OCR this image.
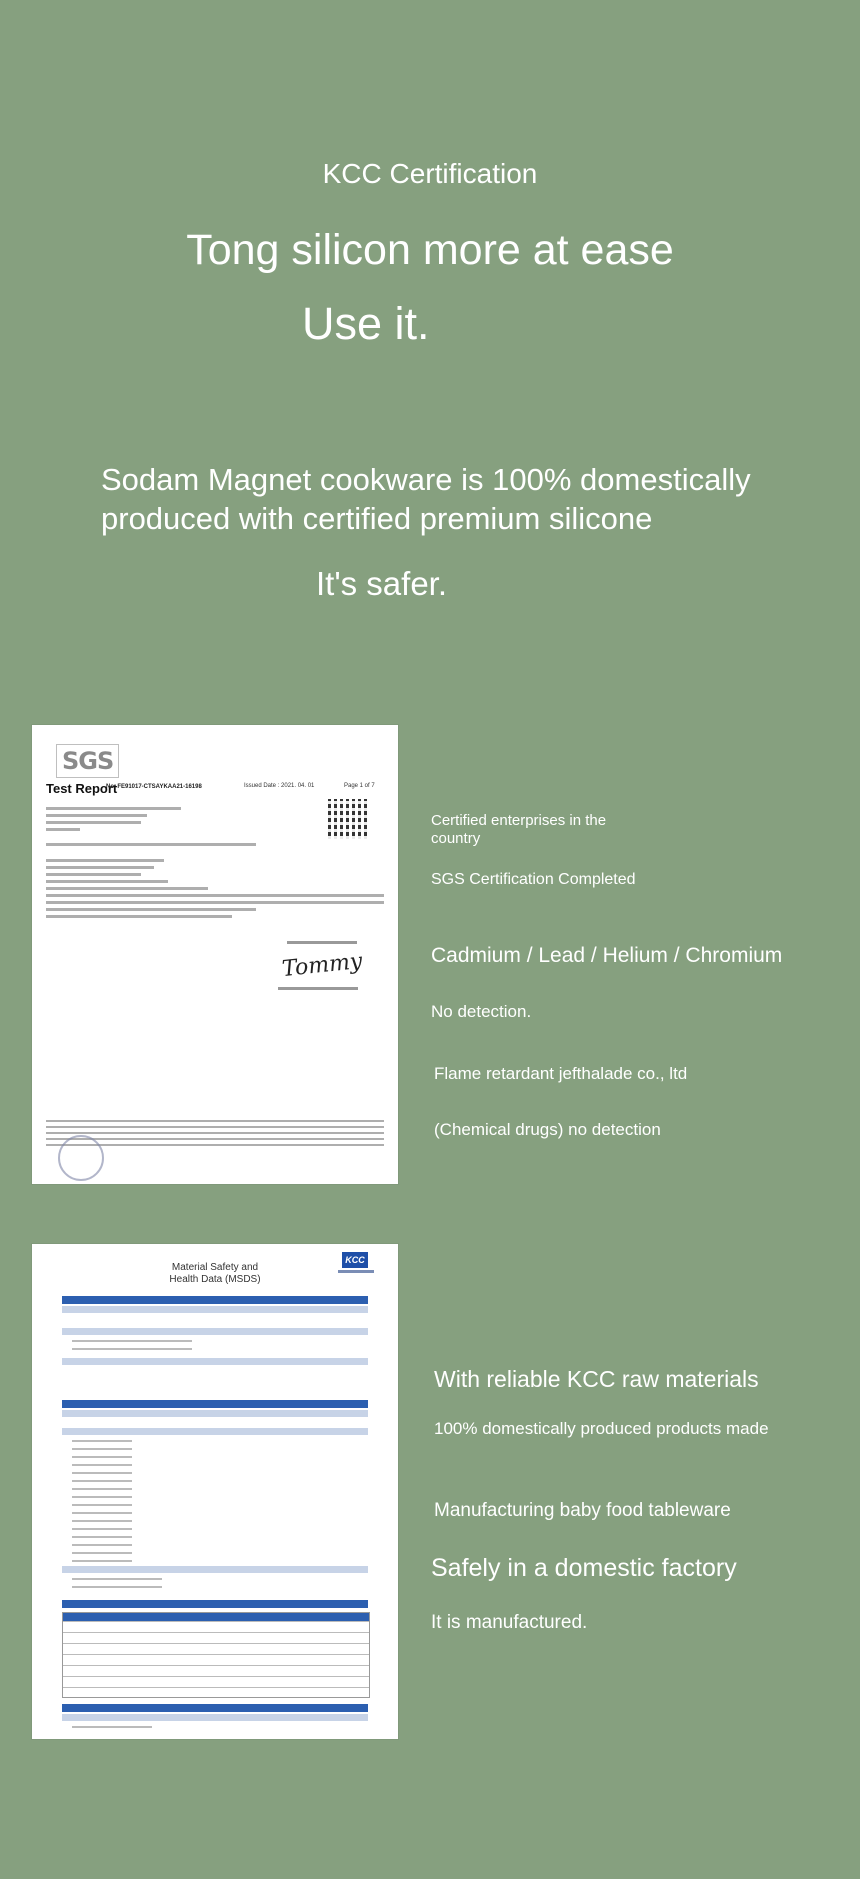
KCC Certification
Tong silicon more at ease
Use it.
Sodam Magnet cookware is 100% domestically produced with certified premium silicone
It's safer.
SGS
Test Report
No. FE91017-CTSAYKAA21-16198	Issued Date : 2021. 04. 01	Page 1 of 7
Tommy
Certified enterprises in the country
SGS Certification Completed
Cadmium / Lead / Helium / Chromium
No detection.
Flame retardant jefthalade co., ltd
(Chemical drugs) no detection
Material Safety and
Health Data (MSDS)
KCC
With reliable KCC raw materials
100% domestically produced products made
Manufacturing baby food tableware
Safely in a domestic factory
It is manufactured.
